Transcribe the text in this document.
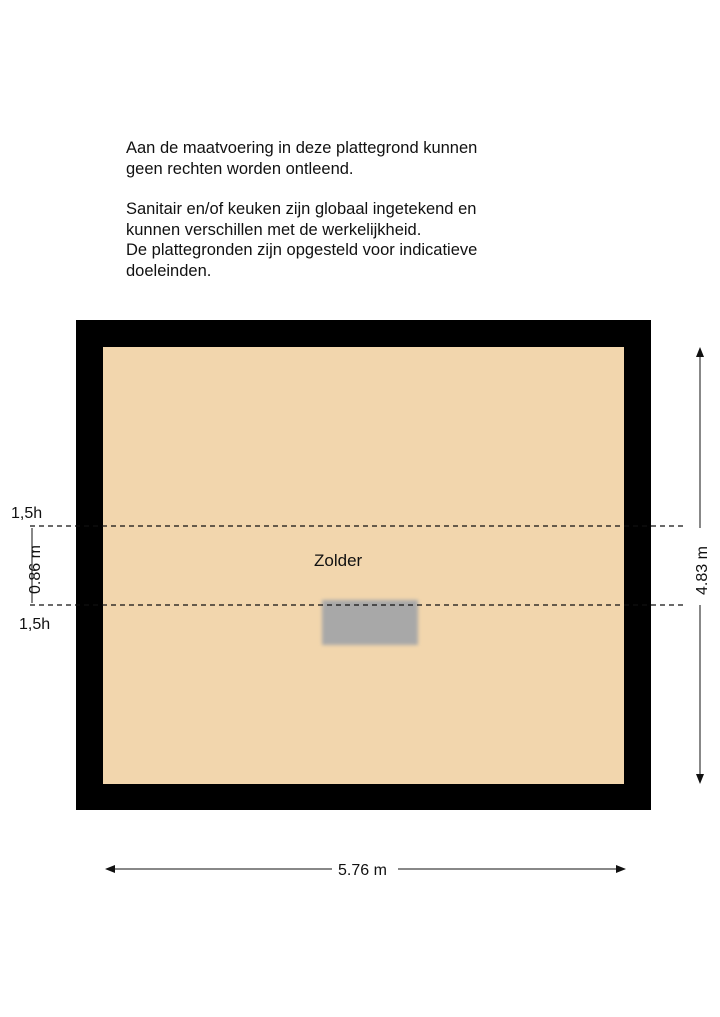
Aan de maatvoering in deze plattegrond kunnen

geen rechten worden ontleend.

Sanitair en/of keuken zijn globaal ingetekend en

kunnen verschillen met de werkelijkheid.

De plattegronden zijn opgesteld voor indicatieve

doeleinden.

1,5h
1,5h
0.86 m	Zolder	4.83 m
5.76 m
